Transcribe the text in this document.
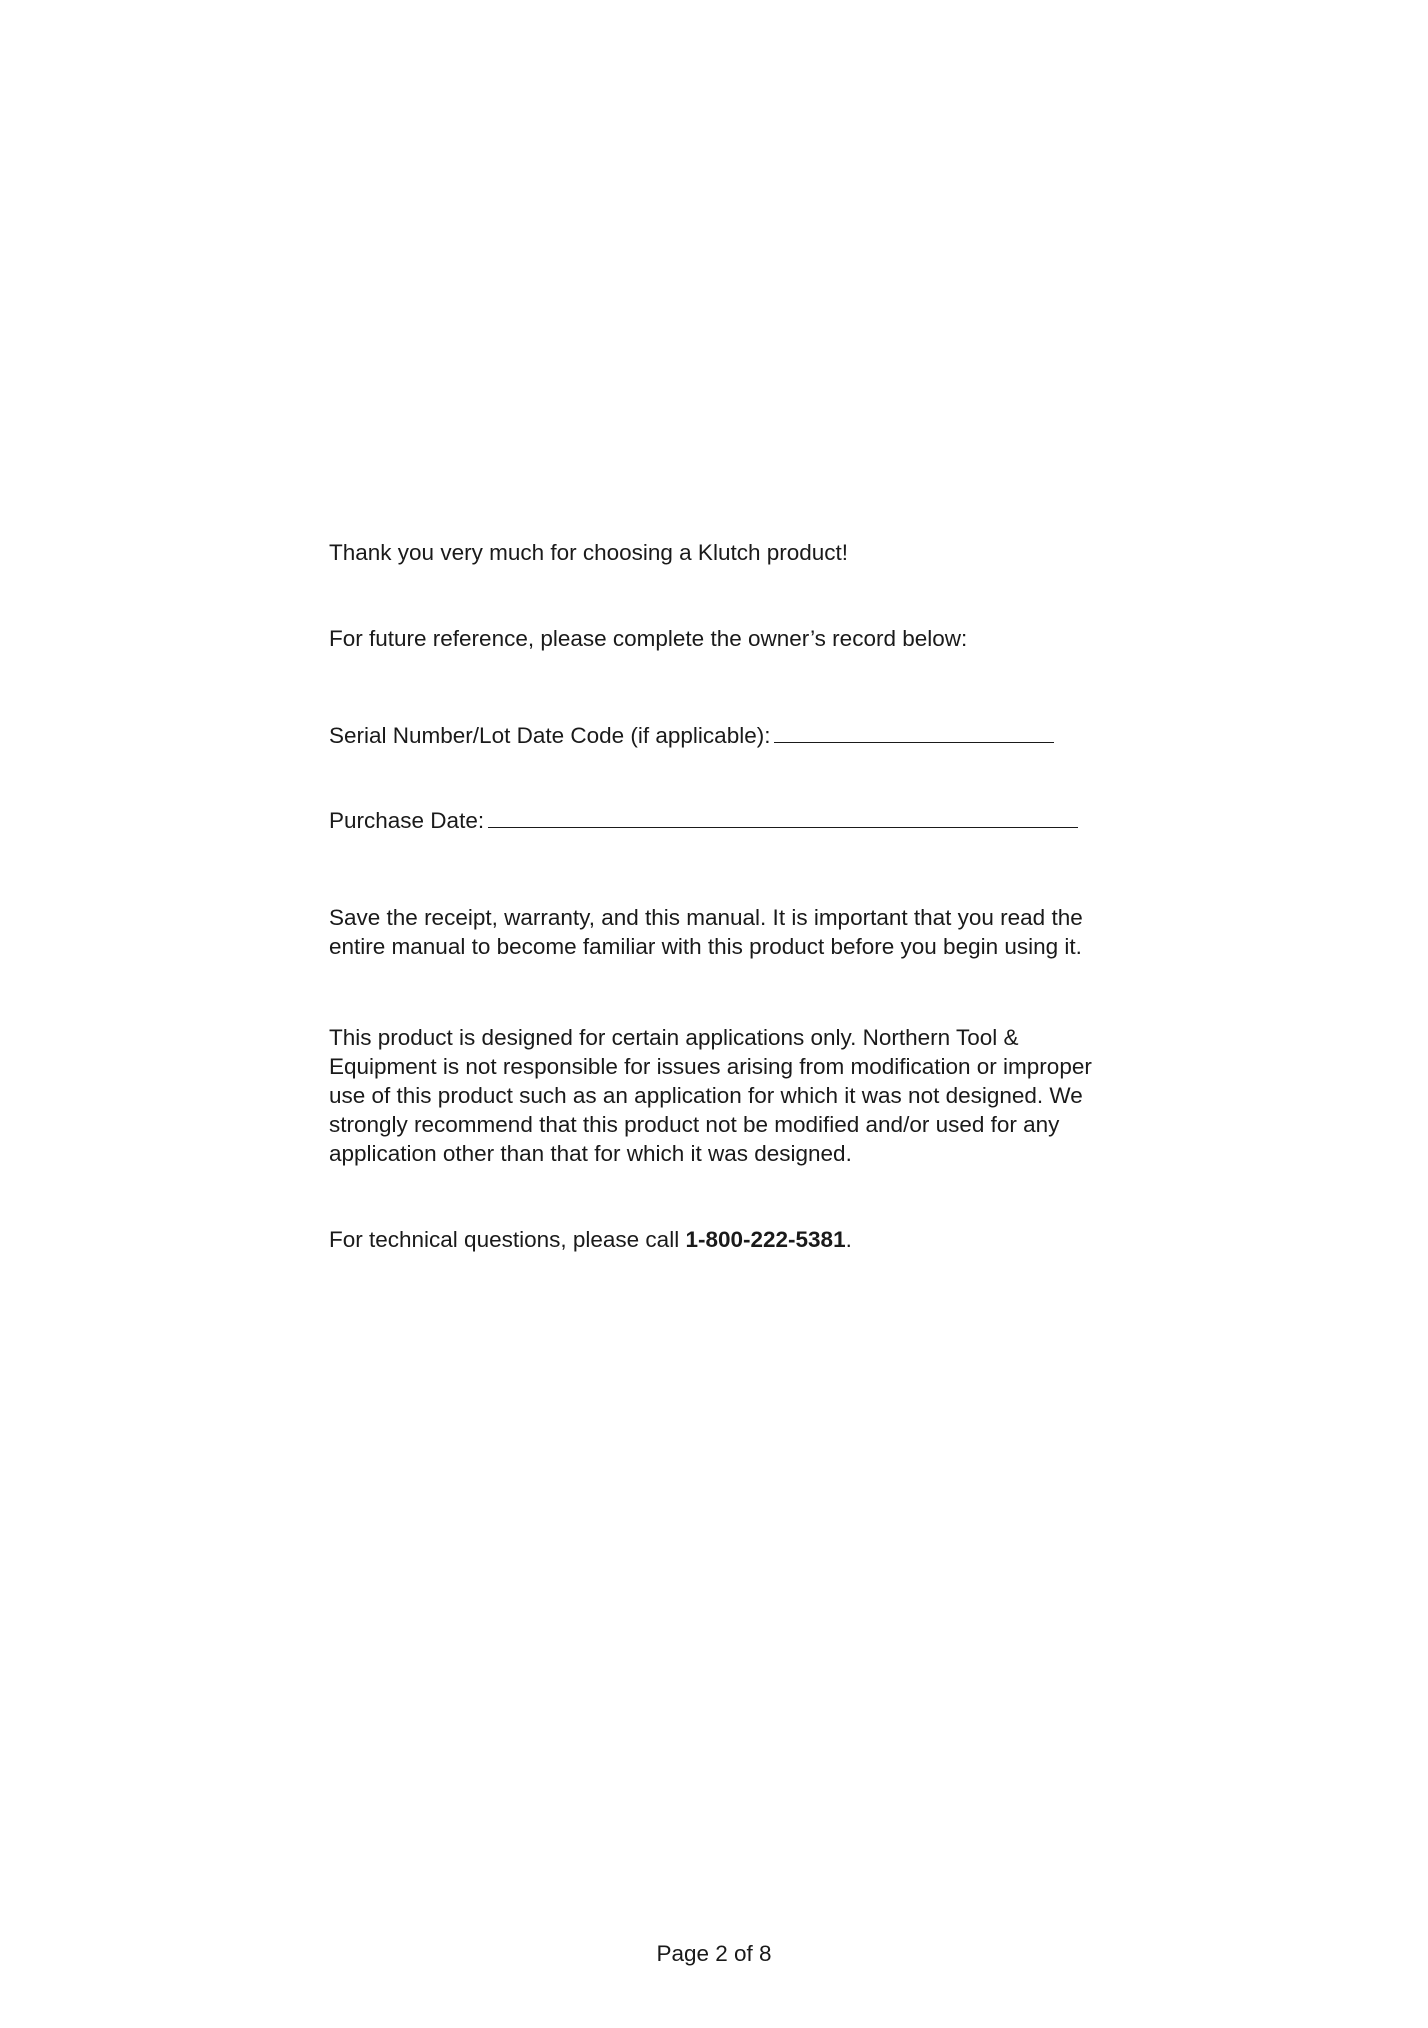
Thank you very much for choosing a Klutch product!

For future reference, please complete the owner’s record below:

Serial Number/Lot Date Code (if applicable):

Purchase Date:

Save the receipt, warranty, and this manual. It is important that you read the entire manual to become familiar with this product before you begin using it.

This product is designed for certain applications only. Northern Tool & Equipment is not responsible for issues arising from modification or improper use of this product such as an application for which it was not designed. We strongly recommend that this product not be modified and/or used for any application other than that for which it was designed.

For technical questions, please call 1-800-222-5381.

Page 2 of 8
